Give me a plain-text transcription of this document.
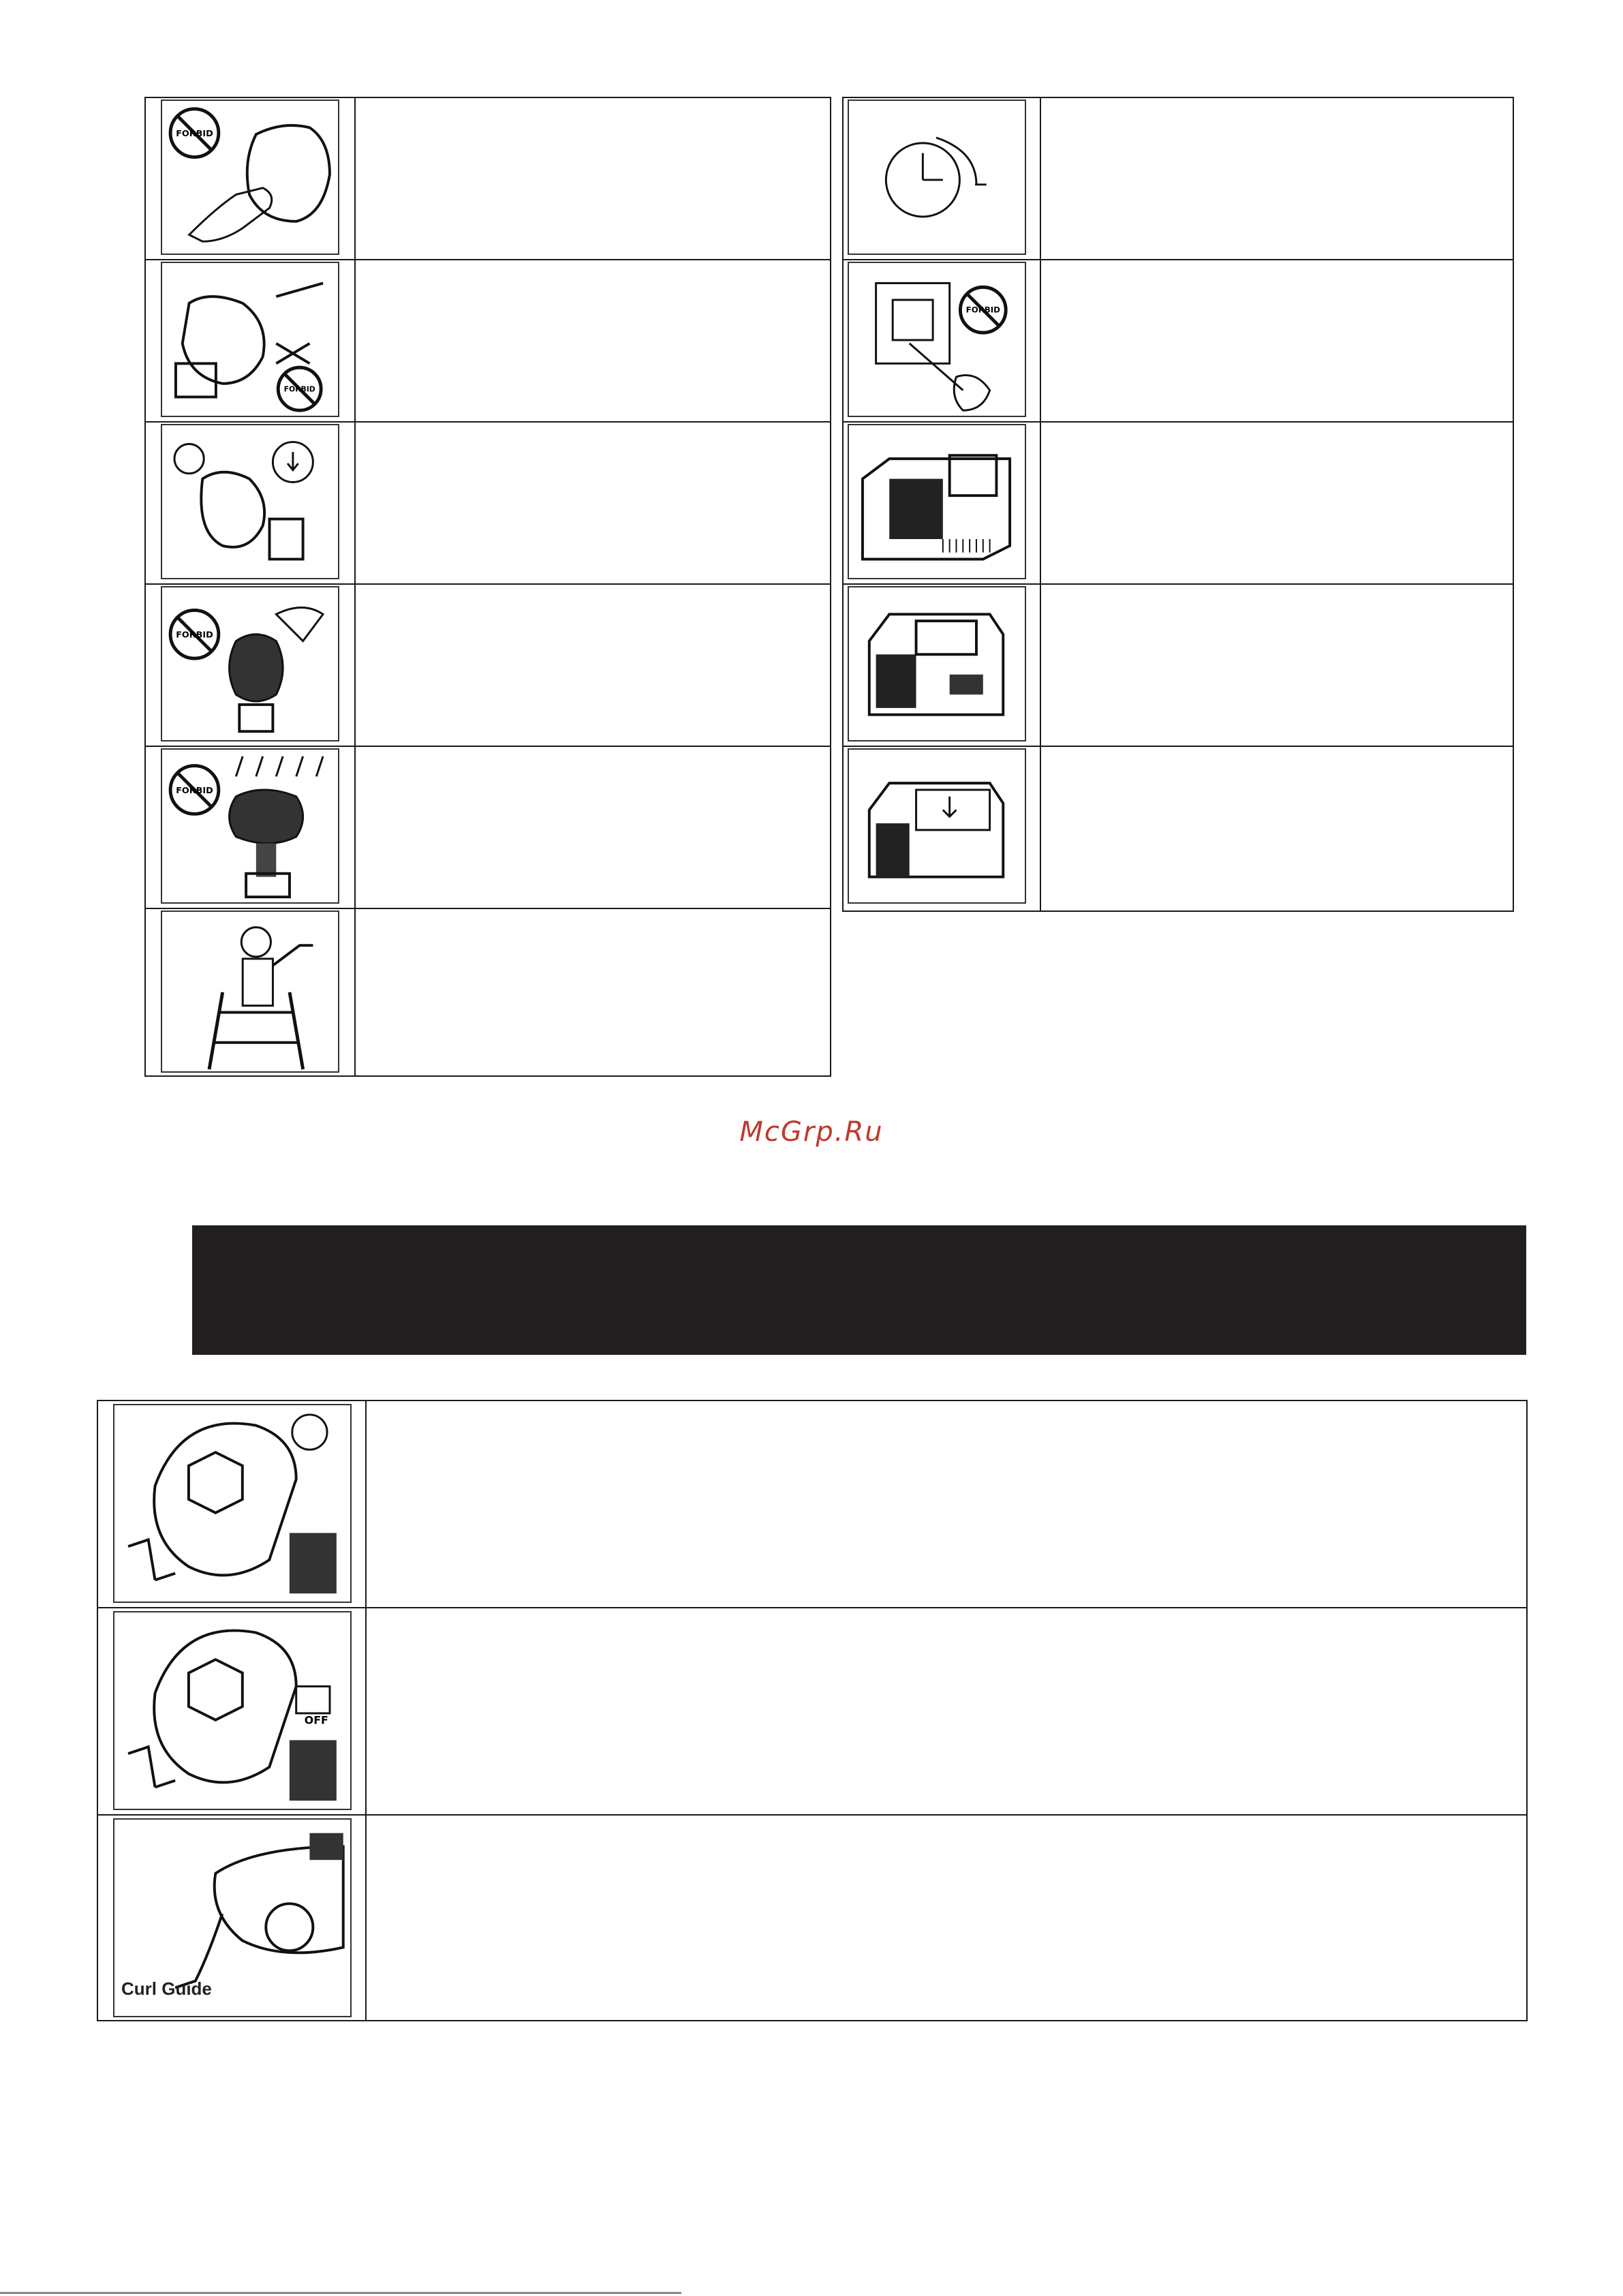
FORBID
FORBID
FORBID
FORBID
FORBID
McGrp.Ru
OFF
Curl Guide
